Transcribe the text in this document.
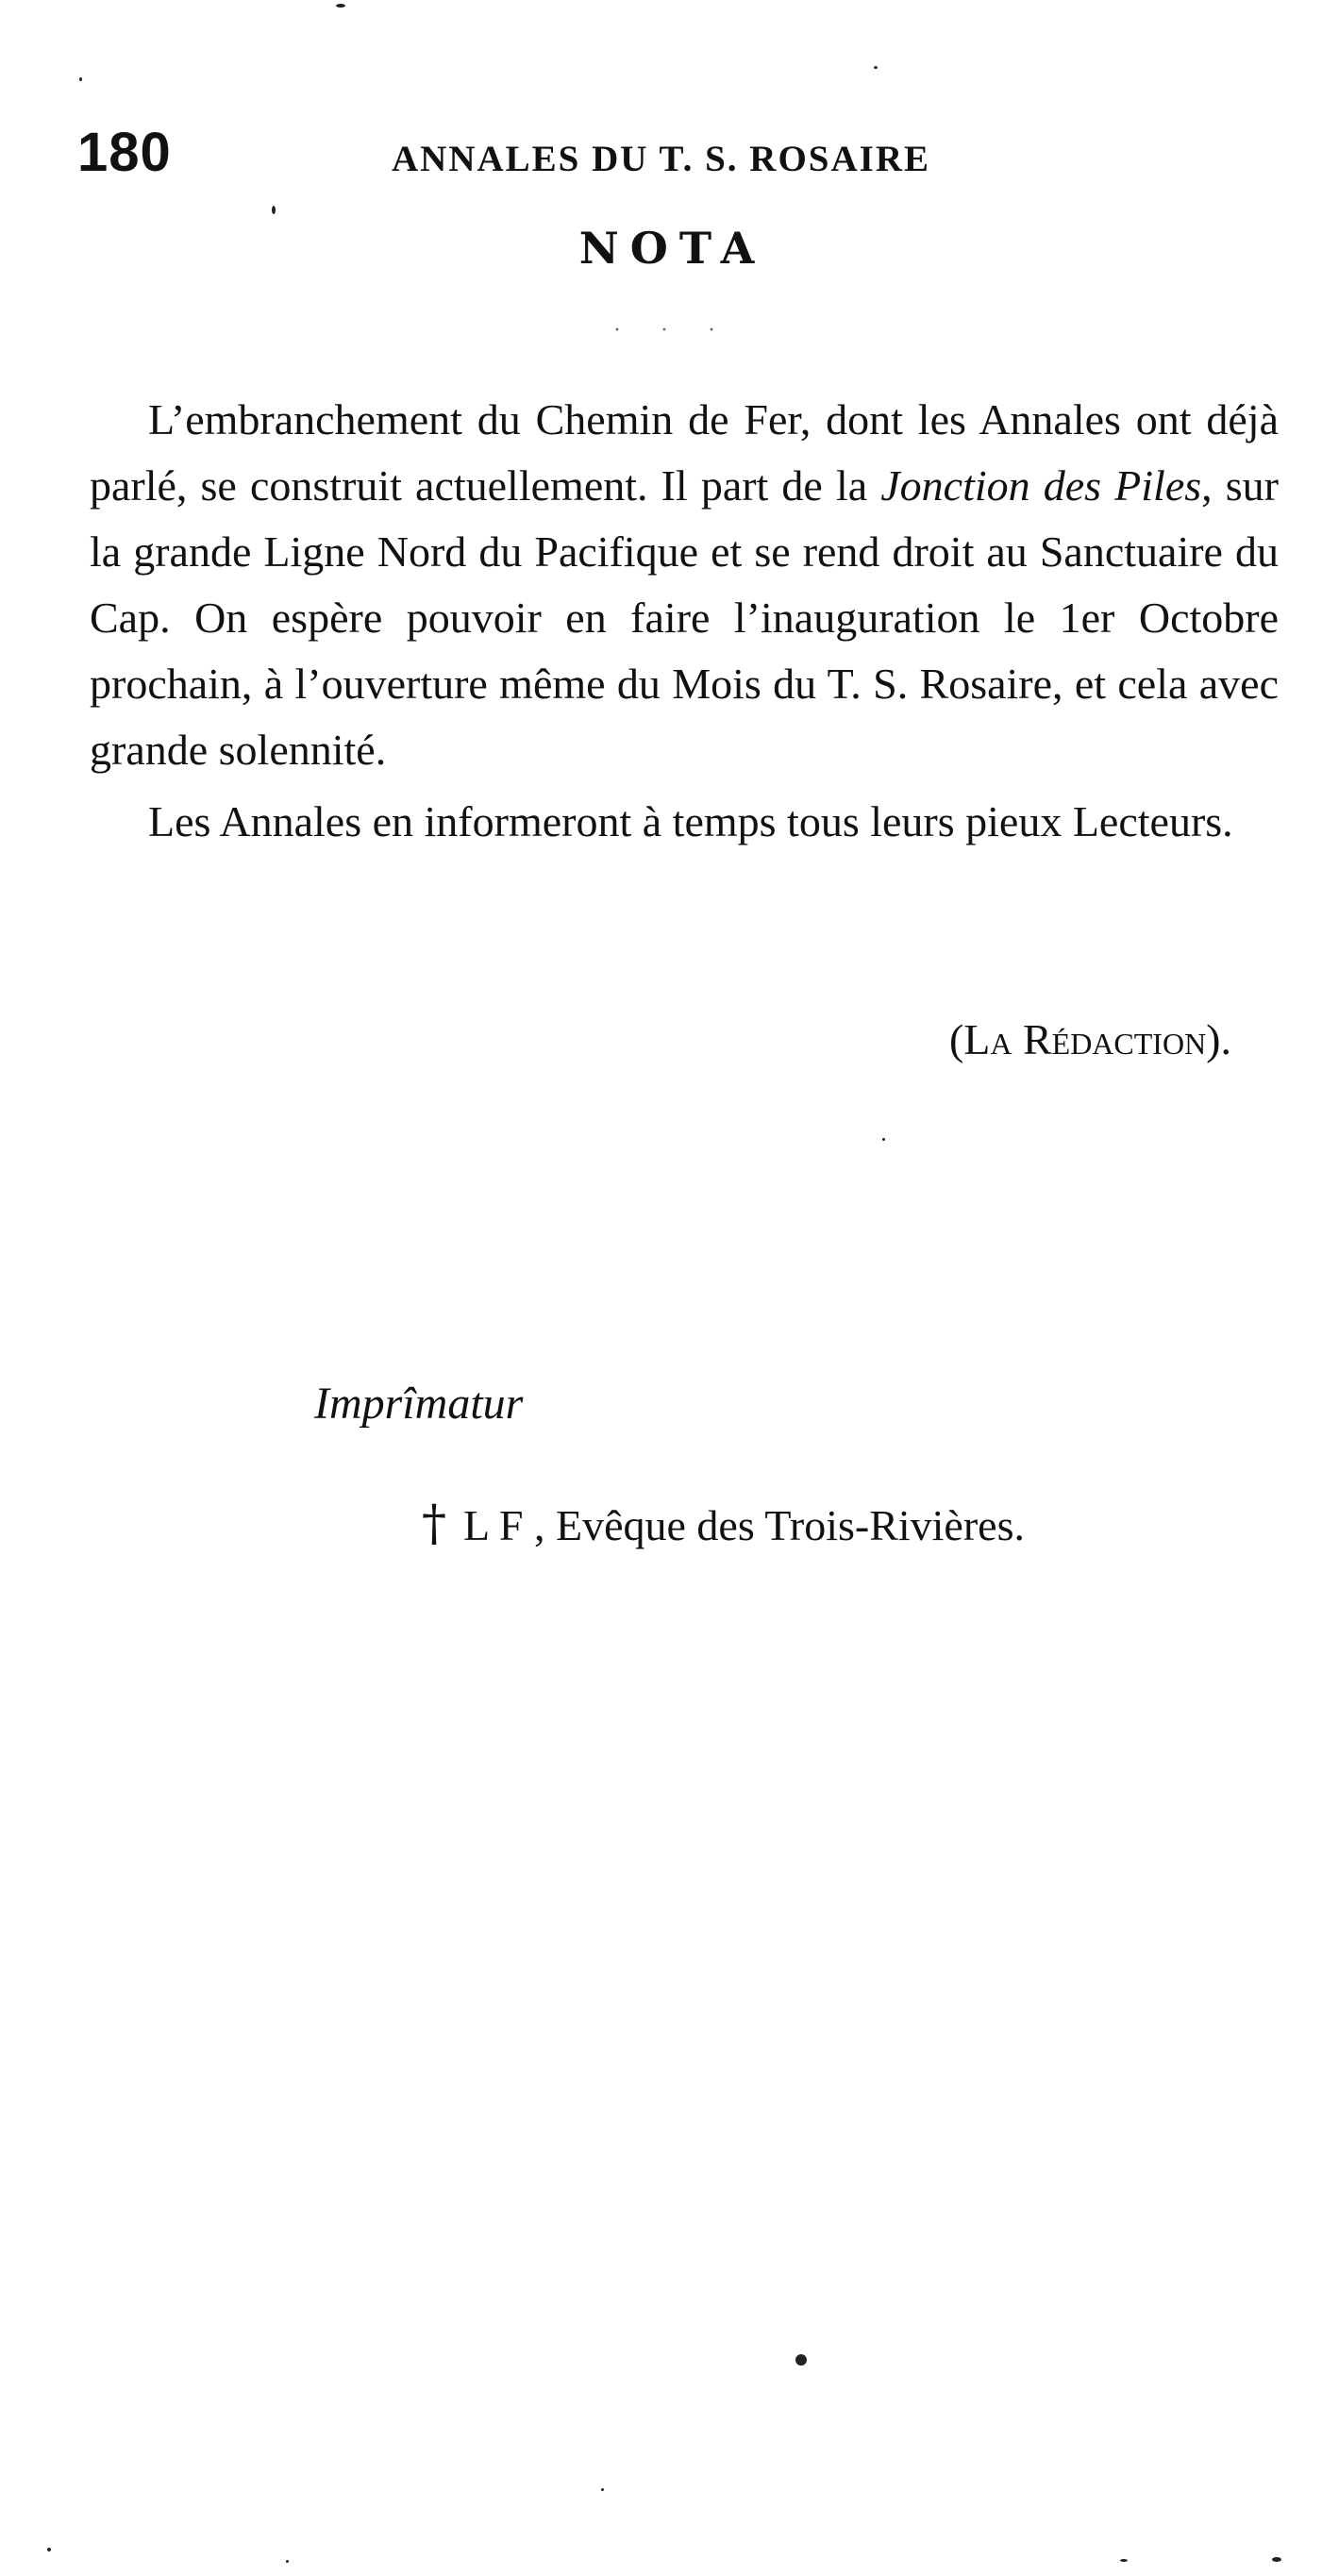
180	ANNALES DU T. S. ROSAIRE
NOTA
· · ·

L’embranchement du Chemin de Fer, dont les Annales ont déjà parlé, se construit actuellement. Il part de la Jonction des Piles, sur la grande Ligne Nord du Pacifique et se rend droit au Sanctuaire du Cap. On espère pouvoir en faire l’inauguration le 1er Octobre prochain, à l’ouverture même du Mois du T. S. Rosaire, et cela avec grande solennité.

Les Annales en informeront à temps tous leurs pieux Lecteurs.

(La Rédaction).
Imprîmatur
† L F , Evêque des Trois-Rivières.
